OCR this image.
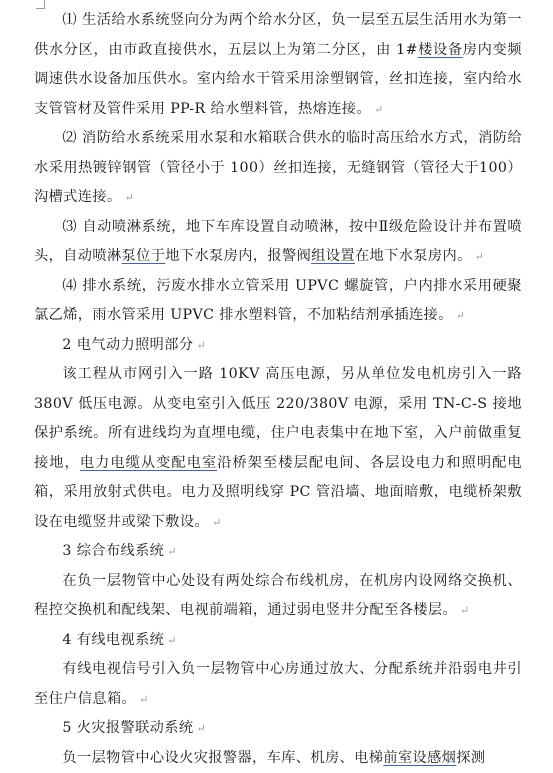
⑴ 生活给水系统竖向分为两个给水分区，负一层至五层生活用水为第一供水分区，由市政直接供水，五层以上为第二分区，由 1#楼设备房内变频调速供水设备加压供水。室内给水干管采用涂塑钢管，丝扣连接，室内给水支管管材及管件采用 PP-R 给水塑料管，热熔连接。 ↵

⑵ 消防给水系统采用水泵和水箱联合供水的临时高压给水方式，消防给水采用热镀锌钢管（管径小于 100）丝扣连接，无缝钢管（管径大于100）沟槽式连接。 ↵

⑶ 自动喷淋系统，地下车库设置自动喷淋，按中Ⅱ级危险设计并布置喷头，自动喷淋泵位于地下水泵房内，报警阀组设置在地下水泵房内。 ↵

⑷ 排水系统，污废水排水立管采用 UPVC 螺旋管，户内排水采用硬聚氯乙烯，雨水管采用 UPVC 排水塑料管，不加粘结剂承插连接。 ↵

2 电气动力照明部分 ↵

该工程从市网引入一路 10KV 高压电源，另从单位发电机房引入一路380V 低压电源。从变电室引入低压 220/380V 电源，采用 TN-C-S 接地保护系统。所有进线均为直埋电缆，住户电表集中在地下室，入户前做重复接地，电力电缆从变配电室沿桥架至楼层配电间、各层设电力和照明配电箱，采用放射式供电。电力及照明线穿 PC 管沿墙、地面暗敷，电缆桥架敷设在电缆竖井或梁下敷设。 ↵

3 综合布线系统 ↵

在负一层物管中心处设有两处综合布线机房，在机房内设网络交换机、程控交换机和配线架、电视前端箱，通过弱电竖井分配至各楼层。 ↵

4 有线电视系统 ↵

有线电视信号引入负一层物管中心房通过放大、分配系统并沿弱电井引至住户信息箱。 ↵

5 火灾报警联动系统 ↵

负一层物管中心设火灾报警器，车库、机房、电梯前室设感烟探测
